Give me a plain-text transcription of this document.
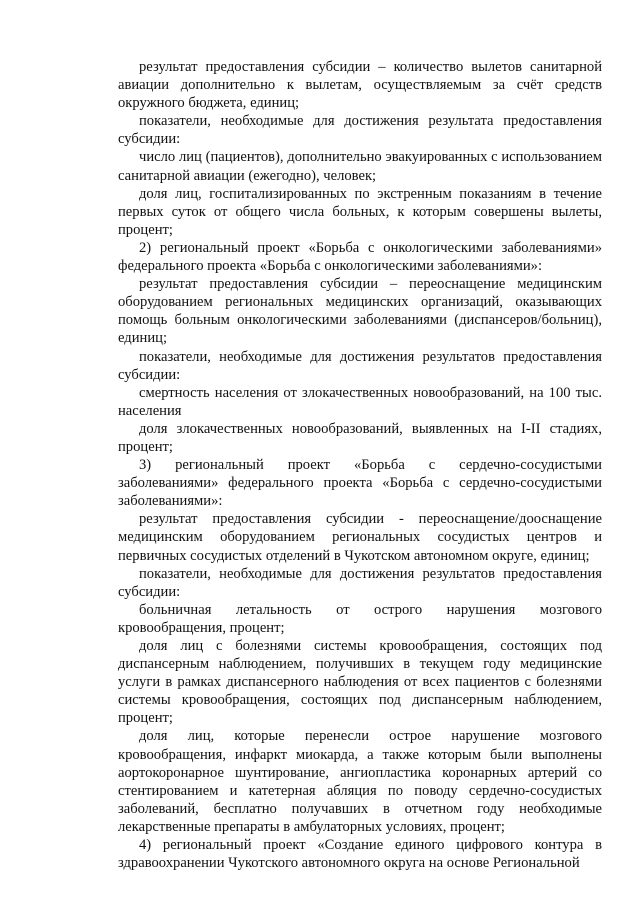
результат предоставления субсидии – количество вылетов санитарной авиации дополнительно к вылетам, осуществляемым за счёт средств окружного бюджета, единиц;

показатели, необходимые для достижения результата предоставления субсидии:

число лиц (пациентов), дополнительно эвакуированных с использованием санитарной авиации (ежегодно), человек;

доля лиц, госпитализированных по экстренным показаниям в течение первых суток от общего числа больных, к которым совершены вылеты, процент;

2) региональный проект «Борьба с онкологическими заболеваниями» федерального проекта «Борьба с онкологическими заболеваниями»:

результат предоставления субсидии – переоснащение медицинским оборудованием региональных медицинских организаций, оказывающих помощь больным онкологическими заболеваниями (диспансеров/больниц), единиц;

показатели, необходимые для достижения результатов предоставления субсидии:

смертность населения от злокачественных новообразований, на 100 тыс. населения

доля злокачественных новообразований, выявленных на I-II стадиях, процент;

3) региональный проект «Борьба с сердечно-сосудистыми заболеваниями» федерального проекта «Борьба с сердечно-сосудистыми заболеваниями»:

результат предоставления субсидии - переоснащение/дооснащение медицинским оборудованием региональных сосудистых центров и первичных сосудистых отделений в Чукотском автономном округе, единиц;

показатели, необходимые для достижения результатов предоставления субсидии:

больничная летальность от острого нарушения мозгового кровообращения, процент;

доля лиц с болезнями системы кровообращения, состоящих под диспансерным наблюдением, получивших в текущем году медицинские услуги в рамках диспансерного наблюдения от всех пациентов с болезнями системы кровообращения, состоящих под диспансерным наблюдением, процент;

доля лиц, которые перенесли острое нарушение мозгового кровообращения, инфаркт миокарда, а также которым были выполнены аортокоронарное шунтирование, ангиопластика коронарных артерий со стентированием и катетерная абляция по поводу сердечно-сосудистых заболеваний, бесплатно получавших в отчетном году необходимые лекарственные препараты в амбулаторных условиях, процент;

4) региональный проект «Создание единого цифрового контура в здравоохранении Чукотского автономного округа на основе Региональной
